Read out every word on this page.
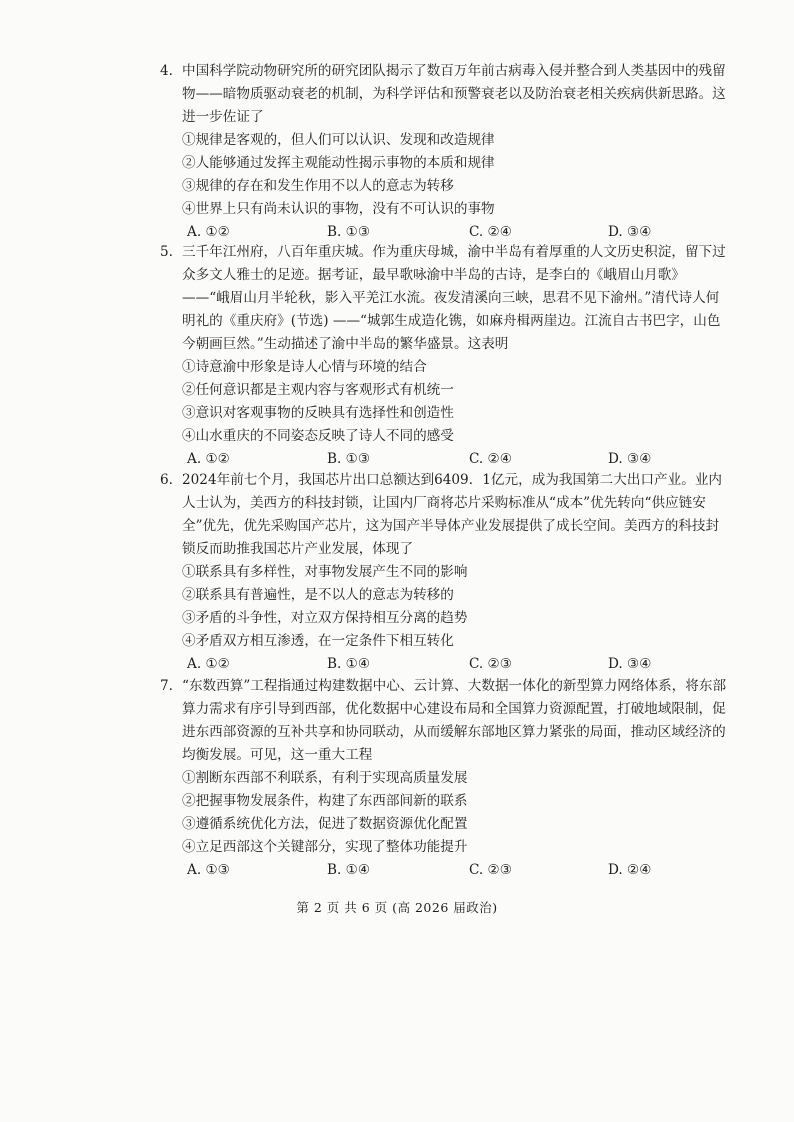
4. 中国科学院动物研究所的研究团队揭示了数百万年前古病毒入侵并整合到人类基因中的残留物——暗物质驱动衰老的机制，为科学评估和预警衰老以及防治衰老相关疾病供新思路。这进一步佐证了
①规律是客观的，但人们可以认识、发现和改造规律
②人能够通过发挥主观能动性揭示事物的本质和规律
③规律的存在和发生作用不以人的意志为转移
④世界上只有尚未认识的事物，没有不可认识的事物
A. ①②	B. ①③	C. ②④	D. ③④
5. 三千年江州府，八百年重庆城。作为重庆母城，渝中半岛有着厚重的人文历史积淀，留下过众多文人雅士的足迹。据考证，最早歌咏渝中半岛的古诗，是李白的《峨眉山月歌》——“峨眉山月半轮秋，影入平羌江水流。夜发清溪向三峡，思君不见下渝州。”清代诗人何明礼的《重庆府》(节选) ——“城郭生成造化镌，如麻舟楫两崖边。江流自古书巴字，山色今朝画巨然。”生动描述了渝中半岛的繁华盛景。这表明
①诗意渝中形象是诗人心情与环境的结合
②任何意识都是主观内容与客观形式有机统一
③意识对客观事物的反映具有选择性和创造性
④山水重庆的不同姿态反映了诗人不同的感受
A. ①②	B. ①③	C. ②④	D. ③④
6. 2024年前七个月，我国芯片出口总额达到6409．1亿元，成为我国第二大出口产业。业内人士认为，美西方的科技封锁，让国内厂商将芯片采购标准从“成本”优先转向“供应链安全”优先，优先采购国产芯片，这为国产半导体产业发展提供了成长空间。美西方的科技封锁反而助推我国芯片产业发展，体现了
①联系具有多样性，对事物发展产生不同的影响
②联系具有普遍性，是不以人的意志为转移的
③矛盾的斗争性，对立双方保持相互分离的趋势
④矛盾双方相互渗透，在一定条件下相互转化
A. ①②	B. ①④	C. ②③	D. ③④
7. “东数西算”工程指通过构建数据中心、云计算、大数据一体化的新型算力网络体系，将东部算力需求有序引导到西部，优化数据中心建设布局和全国算力资源配置，打破地域限制，促进东西部资源的互补共享和协同联动，从而缓解东部地区算力紧张的局面，推动区域经济的均衡发展。可见，这一重大工程
①割断东西部不利联系，有利于实现高质量发展
②把握事物发展条件，构建了东西部间新的联系
③遵循系统优化方法，促进了数据资源优化配置
④立足西部这个关键部分，实现了整体功能提升
A. ①③	B. ①④	C. ②③	D. ②④
第 2 页 共 6 页 (高 2026 届政治)
